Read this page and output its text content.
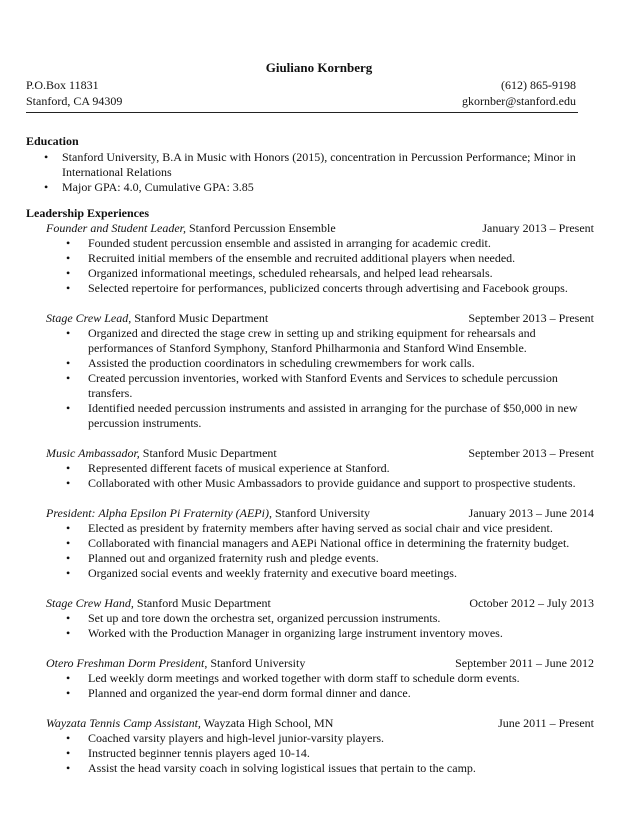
Giuliano Kornberg
P.O.Box 11831	(612) 865-9198
Stanford, CA 94309	gkornber@stanford.edu
Education
• Stanford University, B.A in Music with Honors (2015), concentration in Percussion Performance; Minor in International Relations
• Major GPA: 4.0, Cumulative GPA: 3.85
Leadership Experiences
Founder and Student Leader, Stanford Percussion Ensemble	January 2013 – Present
• Founded student percussion ensemble and assisted in arranging for academic credit.
• Recruited initial members of the ensemble and recruited additional players when needed.
• Organized informational meetings, scheduled rehearsals, and helped lead rehearsals.
• Selected repertoire for performances, publicized concerts through advertising and Facebook groups.
Stage Crew Lead, Stanford Music Department	September 2013 – Present
• Organized and directed the stage crew in setting up and striking equipment for rehearsals and performances of Stanford Symphony, Stanford Philharmonia and Stanford Wind Ensemble.
• Assisted the production coordinators in scheduling crewmembers for work calls.
• Created percussion inventories, worked with Stanford Events and Services to schedule percussion transfers.
• Identified needed percussion instruments and assisted in arranging for the purchase of $50,000 in new percussion instruments.
Music Ambassador, Stanford Music Department	September 2013 – Present
• Represented different facets of musical experience at Stanford.
• Collaborated with other Music Ambassadors to provide guidance and support to prospective students.
President: Alpha Epsilon Pi Fraternity (AEPi), Stanford University	January 2013 – June 2014
• Elected as president by fraternity members after having served as social chair and vice president.
• Collaborated with financial managers and AEPi National office in determining the fraternity budget.
• Planned out and organized fraternity rush and pledge events.
• Organized social events and weekly fraternity and executive board meetings.
Stage Crew Hand, Stanford Music Department	October 2012 – July 2013
• Set up and tore down the orchestra set, organized percussion instruments.
• Worked with the Production Manager in organizing large instrument inventory moves.
Otero Freshman Dorm President, Stanford University	September 2011 – June 2012
• Led weekly dorm meetings and worked together with dorm staff to schedule dorm events.
• Planned and organized the year-end dorm formal dinner and dance.
Wayzata Tennis Camp Assistant, Wayzata High School, MN	June 2011 – Present
• Coached varsity players and high-level junior-varsity players.
• Instructed beginner tennis players aged 10-14.
• Assist the head varsity coach in solving logistical issues that pertain to the camp.
